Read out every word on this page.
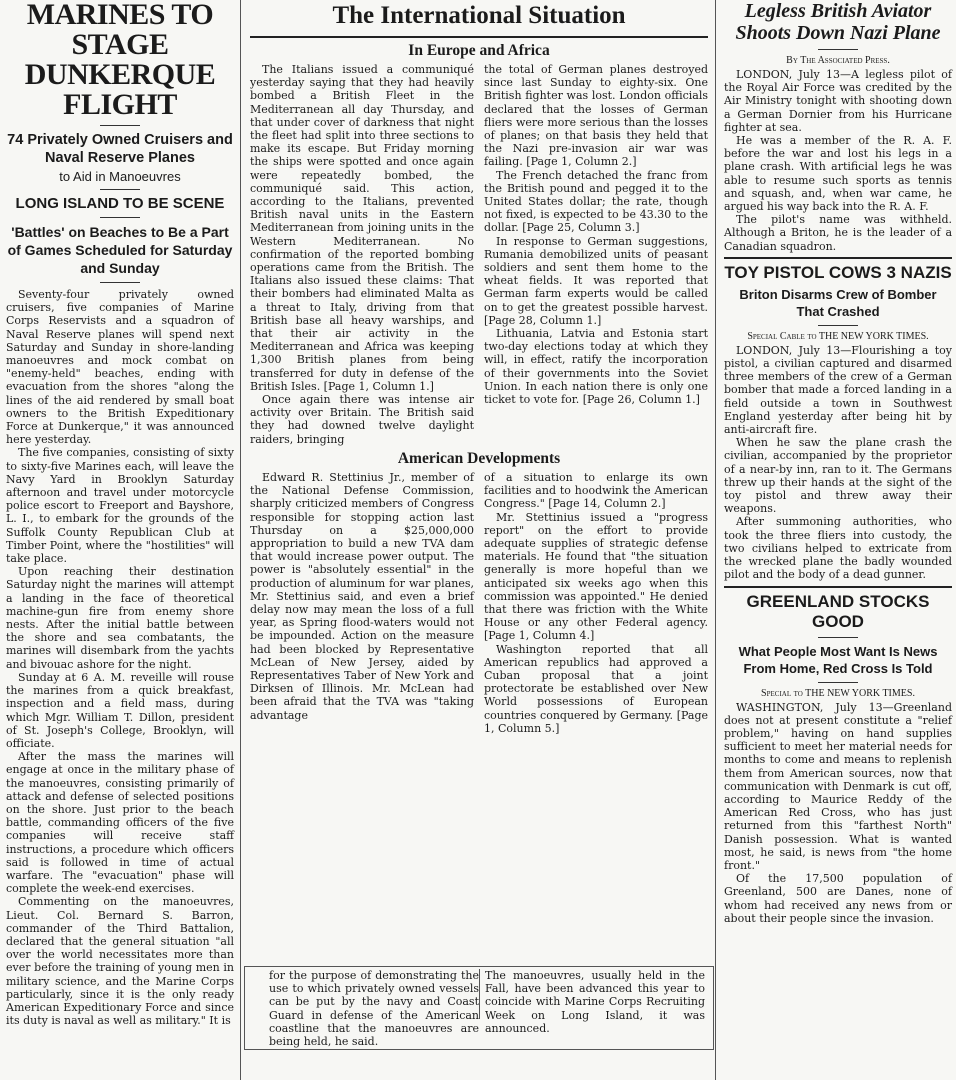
MARINES TO STAGE DUNKERQUE FLIGHT
74 Privately Owned Cruisers and Naval Reserve Planes
to Aid in Manoeuvres
LONG ISLAND TO BE SCENE
'Battles' on Beaches to Be a Part of Games Scheduled for Saturday and Sunday

Seventy-four privately owned cruisers, five companies of Marine Corps Reservists and a squadron of Naval Reserve planes will spend next Saturday and Sunday in shore-landing manoeuvres and mock combat on "enemy-held" beaches, ending with evacuation from the shores "along the lines of the aid rendered by small boat owners to the British Expeditionary Force at Dunkerque," it was announced here yesterday.

The five companies, consisting of sixty to sixty-five Marines each, will leave the Navy Yard in Brooklyn Saturday afternoon and travel under motorcycle police escort to Freeport and Bayshore, L. I., to embark for the grounds of the Suffolk County Republican Club at Timber Point, where the "hostilities" will take place.

Upon reaching their destination Saturday night the marines will attempt a landing in the face of theoretical machine-gun fire from enemy shore nests. After the initial battle between the shore and sea combatants, the marines will disembark from the yachts and bivouac ashore for the night.

Sunday at 6 A. M. reveille will rouse the marines from a quick breakfast, inspection and a field mass, during which Mgr. William T. Dillon, president of St. Joseph's College, Brooklyn, will officiate.

After the mass the marines will engage at once in the military phase of the manoeuvres, consisting primarily of attack and defense of selected positions on the shore. Just prior to the beach battle, commanding officers of the five companies will receive staff instructions, a procedure which officers said is followed in time of actual warfare. The "evacuation" phase will complete the week-end exercises.

Commenting on the manoeuvres, Lieut. Col. Bernard S. Barron, commander of the Third Battalion, declared that the general situation "all over the world necessitates more than ever before the training of young men in military science, and the Marine Corps particularly, since it is the only ready American Expeditionary Force and since its duty is naval as well as military." It is

The International Situation
In Europe and Africa

The Italians issued a communiqué yesterday saying that they had heavily bombed a British Fleet in the Mediterranean all day Thursday, and that under cover of darkness that night the fleet had split into three sections to make its escape. But Friday morning the ships were spotted and once again were repeatedly bombed, the communiqué said. This action, according to the Italians, prevented British naval units in the Eastern Mediterranean from joining units in the Western Mediterranean. No confirmation of the reported bombing operations came from the British. The Italians also issued these claims: That their bombers had eliminated Malta as a threat to Italy, driving from that British base all heavy warships, and that their air activity in the Mediterranean and Africa was keeping 1,300 British planes from being transferred for duty in defense of the British Isles. [Page 1, Column 1.]

Once again there was intense air activity over Britain. The British said they had downed twelve daylight raiders, bringing

the total of German planes destroyed since last Sunday to eighty-six. One British fighter was lost. London officials declared that the losses of German fliers were more serious than the losses of planes; on that basis they held that the Nazi pre-invasion air war was failing. [Page 1, Column 2.]

The French detached the franc from the British pound and pegged it to the United States dollar; the rate, though not fixed, is expected to be 43.30 to the dollar. [Page 25, Column 3.]

In response to German suggestions, Rumania demobilized units of peasant soldiers and sent them home to the wheat fields. It was reported that German farm experts would be called on to get the greatest possible harvest. [Page 28, Column 1.]

Lithuania, Latvia and Estonia start two-day elections today at which they will, in effect, ratify the incorporation of their governments into the Soviet Union. In each nation there is only one ticket to vote for. [Page 26, Column 1.]

American Developments

Edward R. Stettinius Jr., member of the National Defense Commission, sharply criticized members of Congress responsible for stopping action last Thursday on a $25,000,000 appropriation to build a new TVA dam that would increase power output. The power is "absolutely essential" in the production of aluminum for war planes, Mr. Stettinius said, and even a brief delay now may mean the loss of a full year, as Spring flood-waters would not be impounded. Action on the measure had been blocked by Representative McLean of New Jersey, aided by Representatives Taber of New York and Dirksen of Illinois. Mr. McLean had been afraid that the TVA was "taking advantage

of a situation to enlarge its own facilities and to hoodwink the American Congress." [Page 14, Column 2.]

Mr. Stettinius issued a "progress report" on the effort to provide adequate supplies of strategic defense materials. He found that "the situation generally is more hopeful than we anticipated six weeks ago when this commission was appointed." He denied that there was friction with the White House or any other Federal agency. [Page 1, Column 4.]

Washington reported that all American republics had approved a Cuban proposal that a joint protectorate be established over New World possessions of European countries conquered by Germany. [Page 1, Column 5.]

for the purpose of demonstrating the use to which privately owned vessels can be put by the navy and Coast Guard in defense of the American coastline that the manoeuvres are being held, he said.
The manoeuvres, usually held in the Fall, have been advanced this year to coincide with Marine Corps Recruiting Week on Long Island, it was announced.
Legless British Aviator Shoots Down Nazi Plane
By The Associated Press.

LONDON, July 13—A legless pilot of the Royal Air Force was credited by the Air Ministry tonight with shooting down a German Dornier from his Hurricane fighter at sea.

He was a member of the R. A. F. before the war and lost his legs in a plane crash. With artificial legs he was able to resume such sports as tennis and squash, and, when war came, he argued his way back into the R. A. F.

The pilot's name was withheld. Although a Briton, he is the leader of a Canadian squadron.

TOY PISTOL COWS 3 NAZIS
Briton Disarms Crew of Bomber That Crashed
Special Cable to THE NEW YORK TIMES.

LONDON, July 13—Flourishing a toy pistol, a civilian captured and disarmed three members of the crew of a German bomber that made a forced landing in a field outside a town in Southwest England yesterday after being hit by anti-aircraft fire.

When he saw the plane crash the civilian, accompanied by the proprietor of a near-by inn, ran to it. The Germans threw up their hands at the sight of the toy pistol and threw away their weapons.

After summoning authorities, who took the three fliers into custody, the two civilians helped to extricate from the wrecked plane the badly wounded pilot and the body of a dead gunner.

GREENLAND STOCKS GOOD
What People Most Want Is News From Home, Red Cross Is Told
Special to THE NEW YORK TIMES.

WASHINGTON, July 13—Greenland does not at present constitute a "relief problem," having on hand supplies sufficient to meet her material needs for months to come and means to replenish them from American sources, now that communication with Denmark is cut off, according to Maurice Reddy of the American Red Cross, who has just returned from this "farthest North" Danish possession. What is wanted most, he said, is news from "the home front."

Of the 17,500 population of Greenland, 500 are Danes, none of whom had received any news from or about their people since the invasion.
